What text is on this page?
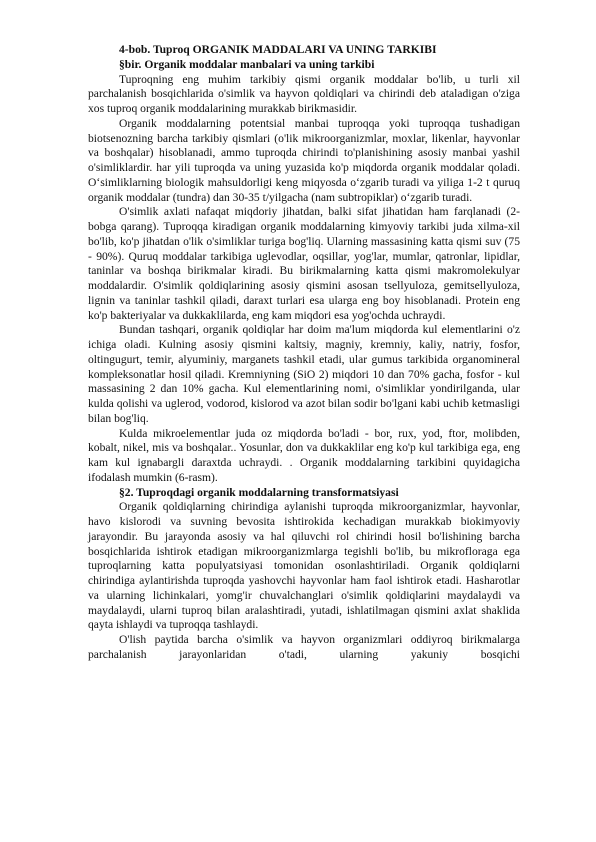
4-bob. Tuproq ORGANIK MADDALARI VA UNING TARKIBI

§bir. Organik moddalar manbalari va uning tarkibi

Tuproqning eng muhim tarkibiy qismi organik moddalar bo'lib, u turli xil parchalanish bosqichlarida o'simlik va hayvon qoldiqlari va chirindi deb ataladigan o'ziga xos tuproq organik moddalarining murakkab birikmasidir.

Organik moddalarning potentsial manbai tuproqqa yoki tuproqqa tushadigan biotsenozning barcha tarkibiy qismlari (o'lik mikroorganizmlar, moxlar, likenlar, hayvonlar va boshqalar) hisoblanadi, ammo tuproqda chirindi to'planishining asosiy manbai yashil o'simliklardir. har yili tuproqda va uning yuzasida ko'p miqdorda organik moddalar qoladi. O‘simliklarning biologik mahsuldorligi keng miqyosda o‘zgarib turadi va yiliga 1-2 t quruq organik moddalar (tundra) dan 30-35 t/yilgacha (nam subtropiklar) o‘zgarib turadi.

O'simlik axlati nafaqat miqdoriy jihatdan, balki sifat jihatidan ham farqlanadi (2-bobga qarang). Tuproqqa kiradigan organik moddalarning kimyoviy tarkibi juda xilma-xil bo'lib, ko'p jihatdan o'lik o'simliklar turiga bog'liq. Ularning massasining katta qismi suv (75 - 90%). Quruq moddalar tarkibiga uglevodlar, oqsillar, yog'lar, mumlar, qatronlar, lipidlar, taninlar va boshqa birikmalar kiradi. Bu birikmalarning katta qismi makromolekulyar moddalardir. O'simlik qoldiqlarining asosiy qismini asosan tsellyuloza, gemitsellyuloza, lignin va taninlar tashkil qiladi, daraxt turlari esa ularga eng boy hisoblanadi. Protein eng ko'p bakteriyalar va dukkaklilarda, eng kam miqdori esa yog'ochda uchraydi.

Bundan tashqari, organik qoldiqlar har doim ma'lum miqdorda kul elementlarini o'z ichiga oladi. Kulning asosiy qismini kaltsiy, magniy, kremniy, kaliy, natriy, fosfor, oltingugurt, temir, alyuminiy, marganets tashkil etadi, ular gumus tarkibida organomineral kompleksonatlar hosil qiladi. Kremniyning (SiO 2) miqdori 10 dan 70% gacha, fosfor - kul massasining 2 dan 10% gacha. Kul elementlarining nomi, o'simliklar yondirilganda, ular kulda qolishi va uglerod, vodorod, kislorod va azot bilan sodir bo'lgani kabi uchib ketmasligi bilan bog'liq.

Kulda mikroelementlar juda oz miqdorda bo'ladi - bor, rux, yod, ftor, molibden, kobalt, nikel, mis va boshqalar.. Yosunlar, don va dukkaklilar eng ko'p kul tarkibiga ega, eng kam kul ignabargli daraxtda uchraydi. . Organik moddalarning tarkibini quyidagicha ifodalash mumkin (6-rasm).

§2. Tuproqdagi organik moddalarning transformatsiyasi

Organik qoldiqlarning chirindiga aylanishi tuproqda mikroorganizmlar, hayvonlar, havo kislorodi va suvning bevosita ishtirokida kechadigan murakkab biokimyoviy jarayondir. Bu jarayonda asosiy va hal qiluvchi rol chirindi hosil bo'lishining barcha bosqichlarida ishtirok etadigan mikroorganizmlarga tegishli bo'lib, bu mikrofloraga ega tuproqlarning katta populyatsiyasi tomonidan osonlashtiriladi. Organik qoldiqlarni chirindiga aylantirishda tuproqda yashovchi hayvonlar ham faol ishtirok etadi. Hasharotlar va ularning lichinkalari, yomg'ir chuvalchanglari o'simlik qoldiqlarini maydalaydi va maydalaydi, ularni tuproq bilan aralashtiradi, yutadi, ishlatilmagan qismini axlat shaklida qayta ishlaydi va tuproqqa tashlaydi.

O'lish paytida barcha o'simlik va hayvon organizmlari oddiyroq birikmalarga parchalanish jarayonlaridan o'tadi, ularning yakuniy bosqichi
